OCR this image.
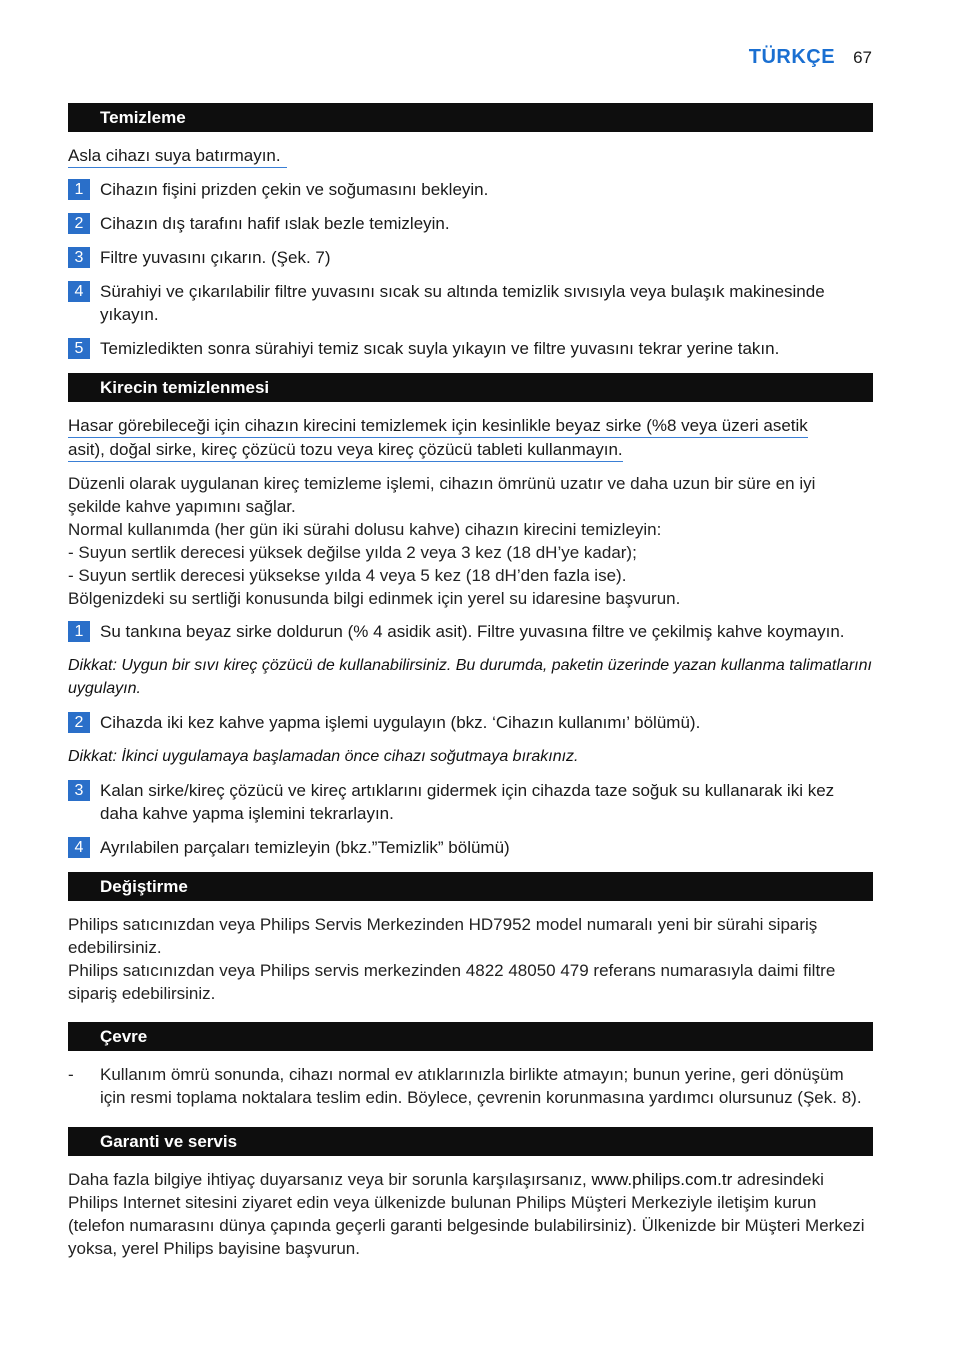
TÜRKÇE 67
Temizleme
Asla cihazı suya batırmayın.
1 Cihazın fişini prizden çekin ve soğumasını bekleyin.
2 Cihazın dış tarafını hafif ıslak bezle temizleyin.
3 Filtre yuvasını çıkarın. (Şek. 7)
4 Sürahiyi ve çıkarılabilir filtre yuvasını sıcak su altında temizlik sıvısıyla veya bulaşık makinesinde yıkayın.
5 Temizledikten sonra sürahiyi temiz sıcak suyla yıkayın ve filtre yuvasını tekrar yerine takın.
Kirecin temizlenmesi
Hasar görebileceği için cihazın kirecini temizlemek için kesinlikle beyaz sirke (%8 veya üzeri asetik
asit), doğal sirke, kireç çözücü tozu veya kireç çözücü tableti kullanmayın.
Düzenli olarak uygulanan kireç temizleme işlemi, cihazın ömrünü uzatır ve daha uzun bir süre en iyi şekilde kahve yapımını sağlar.
Normal kullanımda (her gün iki sürahi dolusu kahve) cihazın kirecini temizleyin:
- Suyun sertlik derecesi yüksek değilse yılda 2 veya 3 kez (18 dH’ye kadar);
- Suyun sertlik derecesi yüksekse yılda 4 veya 5 kez (18 dH’den fazla ise).
Bölgenizdeki su sertliği konusunda bilgi edinmek için yerel su idaresine başvurun.
1 Su tankına beyaz sirke doldurun (% 4 asidik asit). Filtre yuvasına filtre ve çekilmiş kahve koymayın.
Dikkat: Uygun bir sıvı kireç çözücü de kullanabilirsiniz. Bu durumda, paketin üzerinde yazan kullanma talimatlarını uygulayın.
2 Cihazda iki kez kahve yapma işlemi uygulayın (bkz. ‘Cihazın kullanımı’ bölümü).
Dikkat: İkinci uygulamaya başlamadan önce cihazı soğutmaya bırakınız.
3 Kalan sirke/kireç çözücü ve kireç artıklarını gidermek için cihazda taze soğuk su kullanarak iki kez daha kahve yapma işlemini tekrarlayın.
4 Ayrılabilen parçaları temizleyin (bkz.”Temizlik” bölümü)
Değiştirme
Philips satıcınızdan veya Philips Servis Merkezinden HD7952 model numaralı yeni bir sürahi sipariş edebilirsiniz.
Philips satıcınızdan veya Philips servis merkezinden 4822 48050 479 referans numarasıyla daimi filtre sipariş edebilirsiniz.
Çevre
-	Kullanım ömrü sonunda, cihazı normal ev atıklarınızla birlikte atmayın; bunun yerine, geri dönüşüm için resmi toplama noktalara teslim edin. Böylece, çevrenin korunmasına yardımcı olursunuz (Şek. 8).
Garanti ve servis
Daha fazla bilgiye ihtiyaç duyarsanız veya bir sorunla karşılaşırsanız, www.philips.com.tr adresindeki Philips Internet sitesini ziyaret edin veya ülkenizde bulunan Philips Müşteri Merkeziyle iletişim kurun (telefon numarasını dünya çapında geçerli garanti belgesinde bulabilirsiniz). Ülkenizde bir Müşteri Merkezi yoksa, yerel Philips bayisine başvurun.
